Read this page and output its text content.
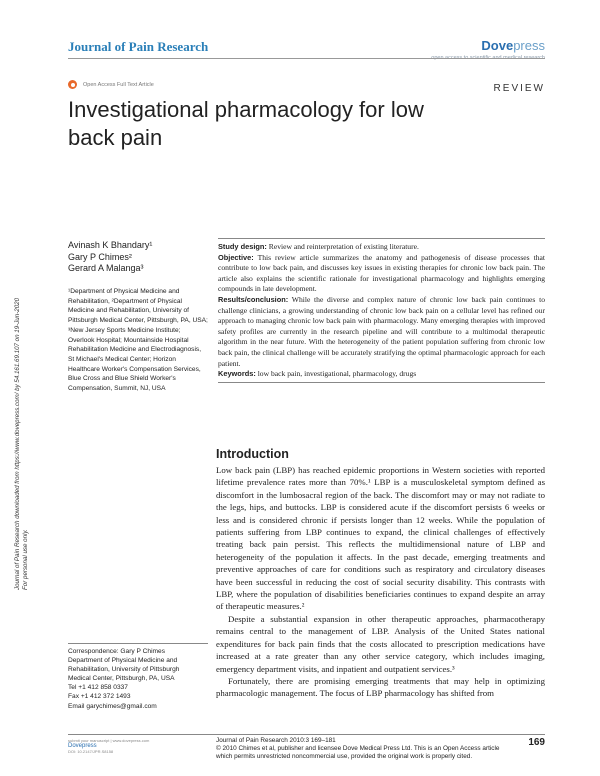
Journal of Pain Research	Dovepress
open access to scientific and medical research
Open Access Full Text Article	REVIEW
Investigational pharmacology for low back pain
Journal of Pain Research downloaded from https://www.dovepress.com/ by 54.161.69.107 on 19-Jun-2020 For personal use only.
Avinash K Bhandary¹
Gary P Chimes²
Gerard A Malanga³
¹Department of Physical Medicine and Rehabilitation, ²Department of Physical Medicine and Rehabilitation, University of Pittsburgh Medical Center, Pittsburgh, PA, USA; ³New Jersey Sports Medicine Institute; Overlook Hospital; Mountainside Hospital Rehabilitation Medicine and Electrodiagnosis, St Michael's Medical Center; Horizon Healthcare Worker's Compensation Services, Blue Cross and Blue Shield Worker's Compensation, Summit, NJ, USA

Study design: Review and reinterpretation of existing literature.

Objective: This review article summarizes the anatomy and pathogenesis of disease processes that contribute to low back pain, and discusses key issues in existing therapies for chronic low back pain. The article also explains the scientific rationale for investigational pharmacology and highlights emerging compounds in late development.

Results/conclusion: While the diverse and complex nature of chronic low back pain continues to challenge clinicians, a growing understanding of chronic low back pain on a cellular level has refined our approach to managing chronic low back pain with pharmacology. Many emerging therapies with improved safety profiles are currently in the research pipeline and will contribute to a multimodal therapeutic algorithm in the near future. With the heterogeneity of the patient population suffering from chronic low back pain, the clinical challenge will be accurately stratifying the optimal pharmacologic approach for each patient.

Keywords: low back pain, investigational, pharmacology, drugs

Introduction

Low back pain (LBP) has reached epidemic proportions in Western societies with reported lifetime prevalence rates more than 70%.¹ LBP is a musculoskeletal symptom defined as discomfort in the lumbosacral region of the back. The discomfort may or may not radiate to the legs, hips, and buttocks. LBP is considered acute if the discomfort persists 6 weeks or less and is considered chronic if persists longer than 12 weeks. While the population of patients suffering from LBP continues to expand, the clinical challenges of effectively treating back pain persist. This reflects the multidimensional nature of LBP and heterogeneity of the population it affects. In the past decade, emerging treatments and preventive approaches of care for conditions such as respiratory and circulatory diseases have been successful in reducing the cost of social security disability. This contrasts with LBP, where the population of disabilities beneficiaries continues to expand despite an array of therapeutic measures.²

Despite a substantial expansion in other therapeutic approaches, pharmacotherapy remains central to the management of LBP. Analysis of the United States national expenditures for back pain finds that the costs allocated to prescription medications have increased at a rate greater than any other service category, which includes imaging, emergency department visits, and inpatient and outpatient services.³

Fortunately, there are promising emerging treatments that may help in optimizing pharmacologic management. The focus of LBP pharmacology has shifted from

Correspondence: Gary P Chimes
Department of Physical Medicine and
Rehabilitation, University of Pittsburgh
Medical Center, Pittsburgh, PA, USA
Tel +1 412 858 0337
Fax +1 412 372 1493
Email garychimes@gmail.com
submit your manuscript | www.dovepress.com
Dovepress
DOI: 10.2147/JPR.S8158
Journal of Pain Research 2010:3 169–181
© 2010 Chimes et al, publisher and licensee Dove Medical Press Ltd. This is an Open Access article which permits unrestricted noncommercial use, provided the original work is properly cited.
169
